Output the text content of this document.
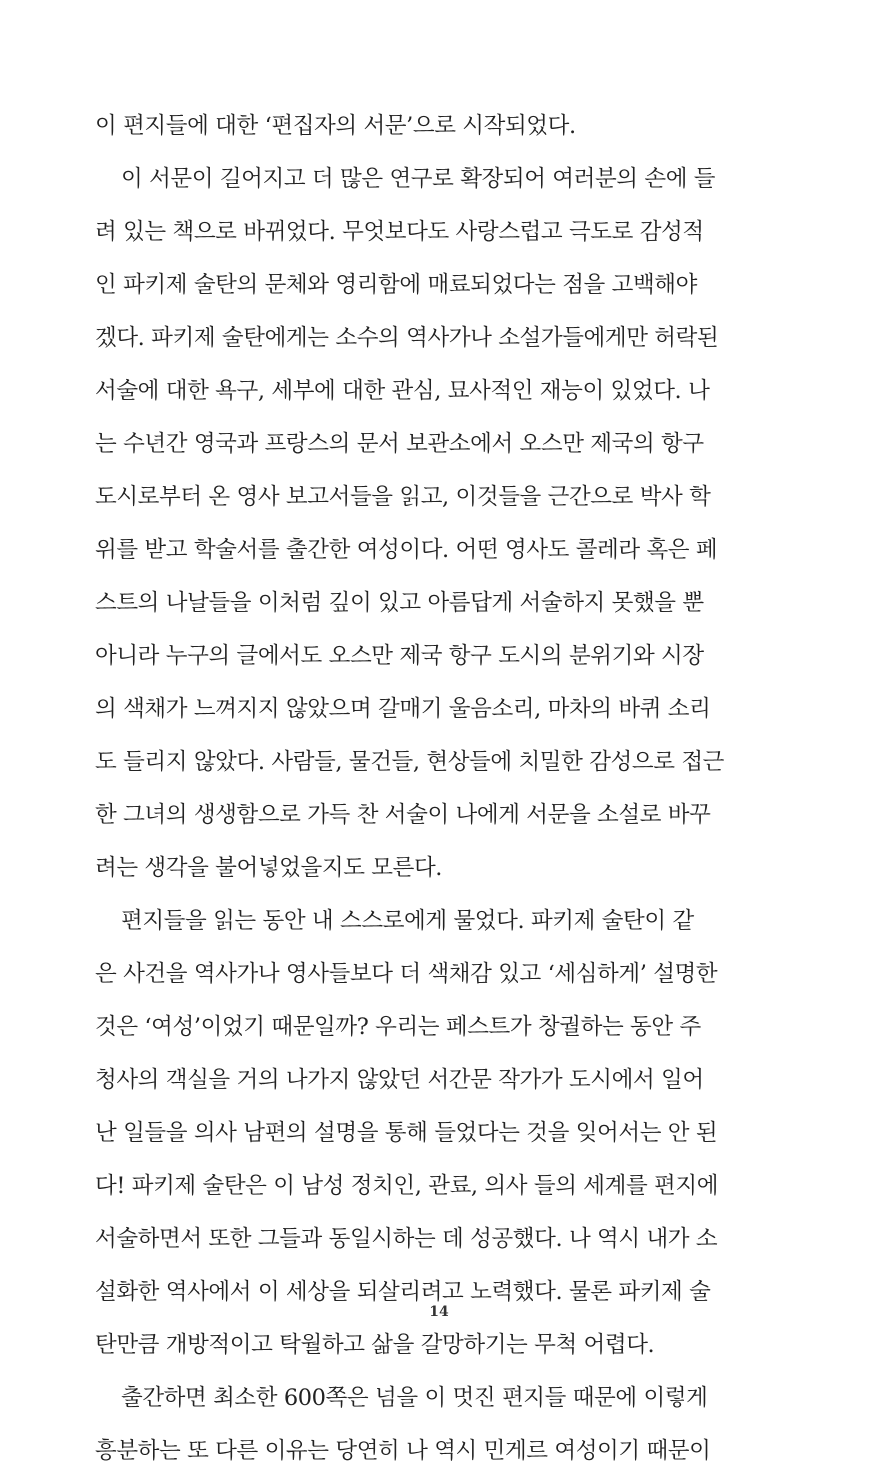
이 편지들에 대한 ‘편집자의 서문’으로 시작되었다.
이 서문이 길어지고 더 많은 연구로 확장되어 여러분의 손에 들
려 있는 책으로 바뀌었다. 무엇보다도 사랑스럽고 극도로 감성적
인 파키제 술탄의 문체와 영리함에 매료되었다는 점을 고백해야
겠다. 파키제 술탄에게는 소수의 역사가나 소설가들에게만 허락된
서술에 대한 욕구, 세부에 대한 관심, 묘사적인 재능이 있었다. 나
는 수년간 영국과 프랑스의 문서 보관소에서 오스만 제국의 항구
도시로부터 온 영사 보고서들을 읽고, 이것들을 근간으로 박사 학
위를 받고 학술서를 출간한 여성이다. 어떤 영사도 콜레라 혹은 페
스트의 나날들을 이처럼 깊이 있고 아름답게 서술하지 못했을 뿐
아니라 누구의 글에서도 오스만 제국 항구 도시의 분위기와 시장
의 색채가 느껴지지 않았으며 갈매기 울음소리, 마차의 바퀴 소리
도 들리지 않았다. 사람들, 물건들, 현상들에 치밀한 감성으로 접근
한 그녀의 생생함으로 가득 찬 서술이 나에게 서문을 소설로 바꾸
려는 생각을 불어넣었을지도 모른다.
편지들을 읽는 동안 내 스스로에게 물었다. 파키제 술탄이 같
은 사건을 역사가나 영사들보다 더 색채감 있고 ‘세심하게’ 설명한
것은 ‘여성’이었기 때문일까? 우리는 페스트가 창궐하는 동안 주
청사의 객실을 거의 나가지 않았던 서간문 작가가 도시에서 일어
난 일들을 의사 남편의 설명을 통해 들었다는 것을 잊어서는 안 된
다! 파키제 술탄은 이 남성 정치인, 관료, 의사 들의 세계를 편지에
서술하면서 또한 그들과 동일시하는 데 성공했다. 나 역시 내가 소
설화한 역사에서 이 세상을 되살리려고 노력했다. 물론 파키제 술
탄만큼 개방적이고 탁월하고 삶을 갈망하기는 무척 어렵다.
출간하면 최소한 600쪽은 넘을 이 멋진 편지들 때문에 이렇게
흥분하는 또 다른 이유는 당연히 나 역시 민게르 여성이기 때문이
14
